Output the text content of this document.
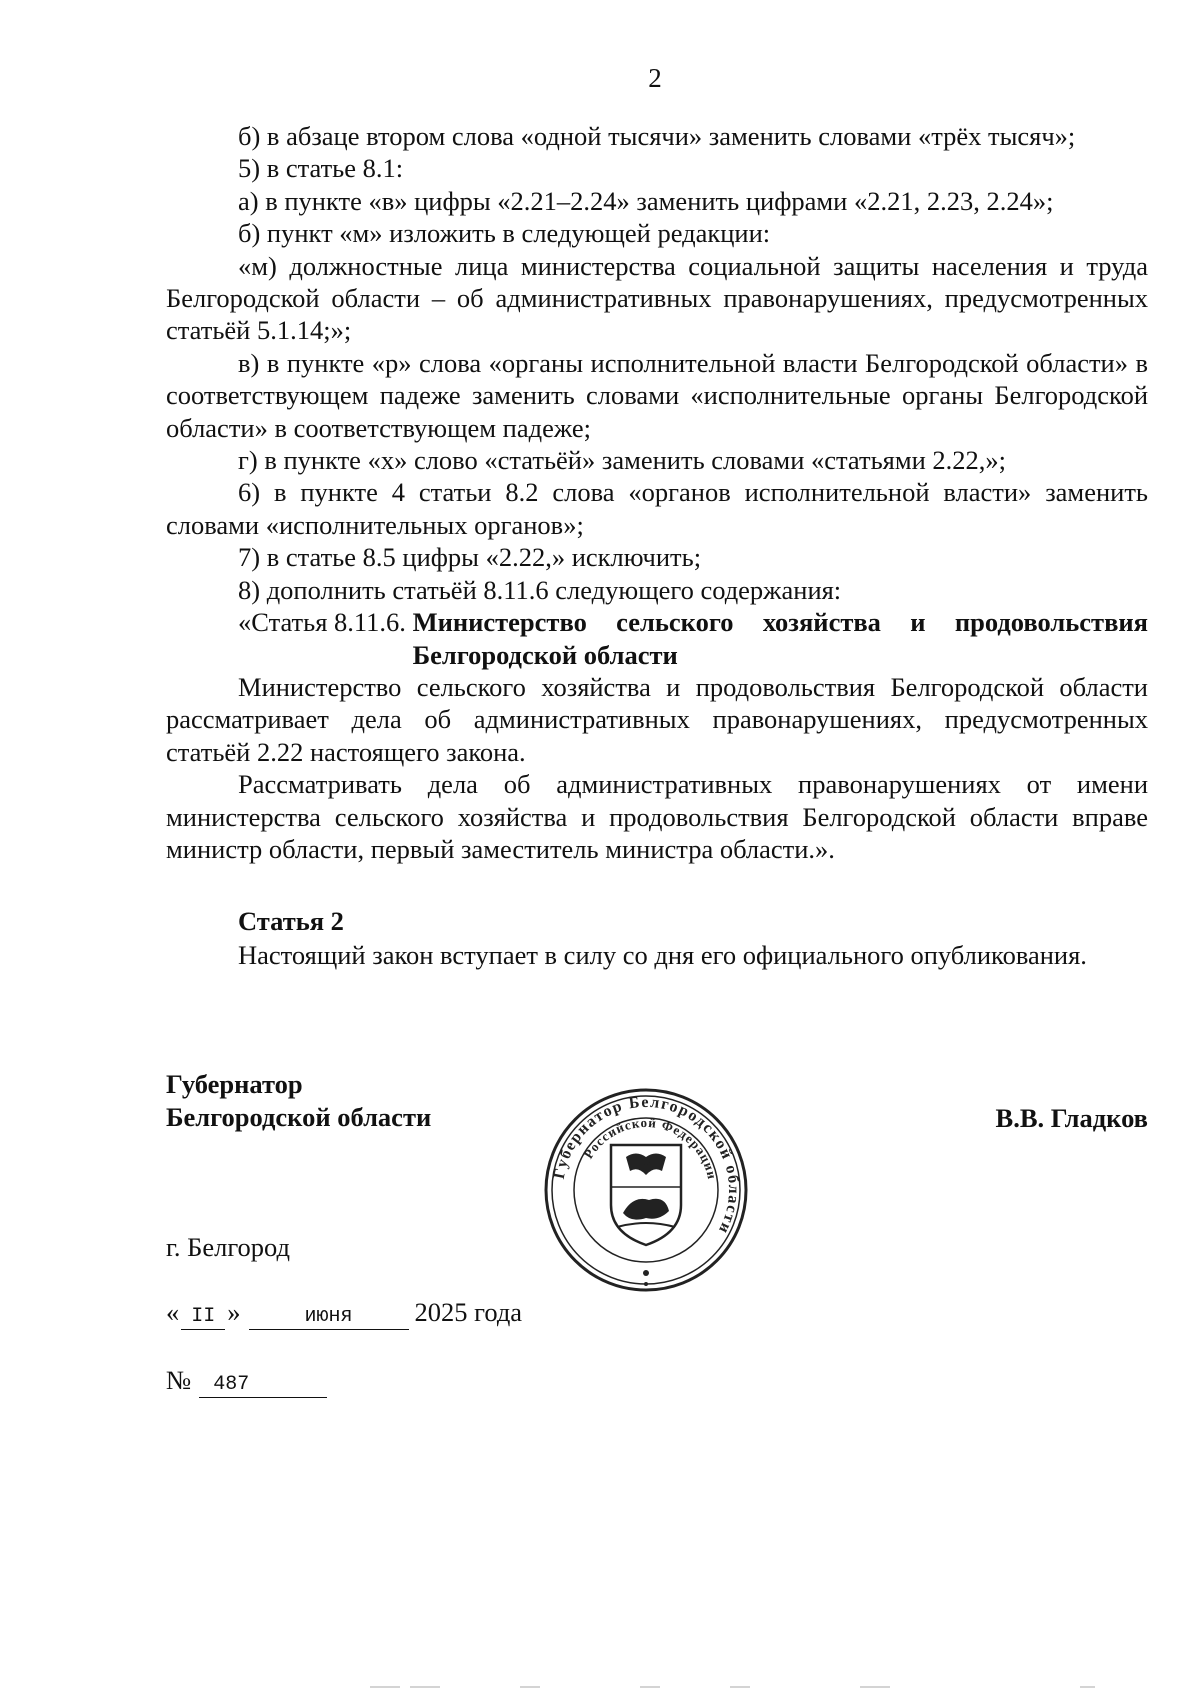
2

б) в абзаце втором слова «одной тысячи» заменить словами «трёх тысяч»;

5) в статье 8.1:

а) в пункте «в» цифры «2.21–2.24» заменить цифрами «2.21, 2.23, 2.24»;

б) пункт «м» изложить в следующей редакции:

«м) должностные лица министерства социальной защиты населения и труда Белгородской области – об административных правонарушениях, предусмотренных статьёй 5.1.14;»;

в) в пункте «р» слова «органы исполнительной власти Белгородской области» в соответствующем падеже заменить словами «исполнительные органы Белгородской области» в соответствующем падеже;

г) в пункте «х» слово «статьёй» заменить словами «статьями 2.22,»;

6) в пункте 4 статьи 8.2 слова «органов исполнительной власти» заменить словами «исполнительных органов»;

7) в статье 8.5 цифры «2.22,» исключить;

8) дополнить статьёй 8.11.6 следующего содержания:

«Статья 8.11.6. Министерство сельского хозяйства и продовольствия Белгородской области

Министерство сельского хозяйства и продовольствия Белгородской области рассматривает дела об административных правонарушениях, предусмотренных статьёй 2.22 настоящего закона.

Рассматривать дела об административных правонарушениях от имени министерства сельского хозяйства и продовольствия Белгородской области вправе министр области, первый заместитель министра области.».

Статья 2
Настоящий закон вступает в силу со дня его официального опубликования.
Губернатор
Белгородской области	В.В. Гладков
Губернатор Белгородской области
Российской Федерации
г. Белгород
« II »	июня 2025 года
№ 487
